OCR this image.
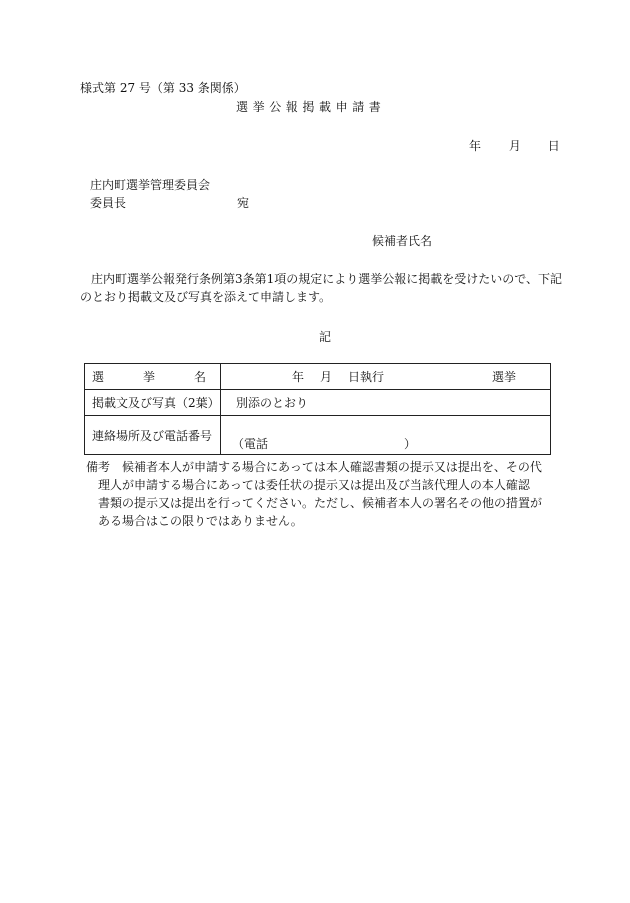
様式第 27 号（第 33 条関係）
選挙公報掲載申請書
年 月 日
庄内町選挙管理委員会
委員長	宛
候補者氏名
庄内町選挙公報発行条例第3条第1項の規定により選挙公報に掲載を受けたいので、下記
のとおり掲載文及び写真を添えて申請します。
記
選 挙 名	年 月 日執行 選挙
掲載文及び写真（2葉）	別添のとおり
連絡場所及び電話番号	（電話 ）
備考 候補者本人が申請する場合にあっては本人確認書類の提示又は提出を、その代
理人が申請する場合にあっては委任状の提示又は提出及び当該代理人の本人確認
書類の提示又は提出を行ってください。ただし、候補者本人の署名その他の措置が
ある場合はこの限りではありません。
